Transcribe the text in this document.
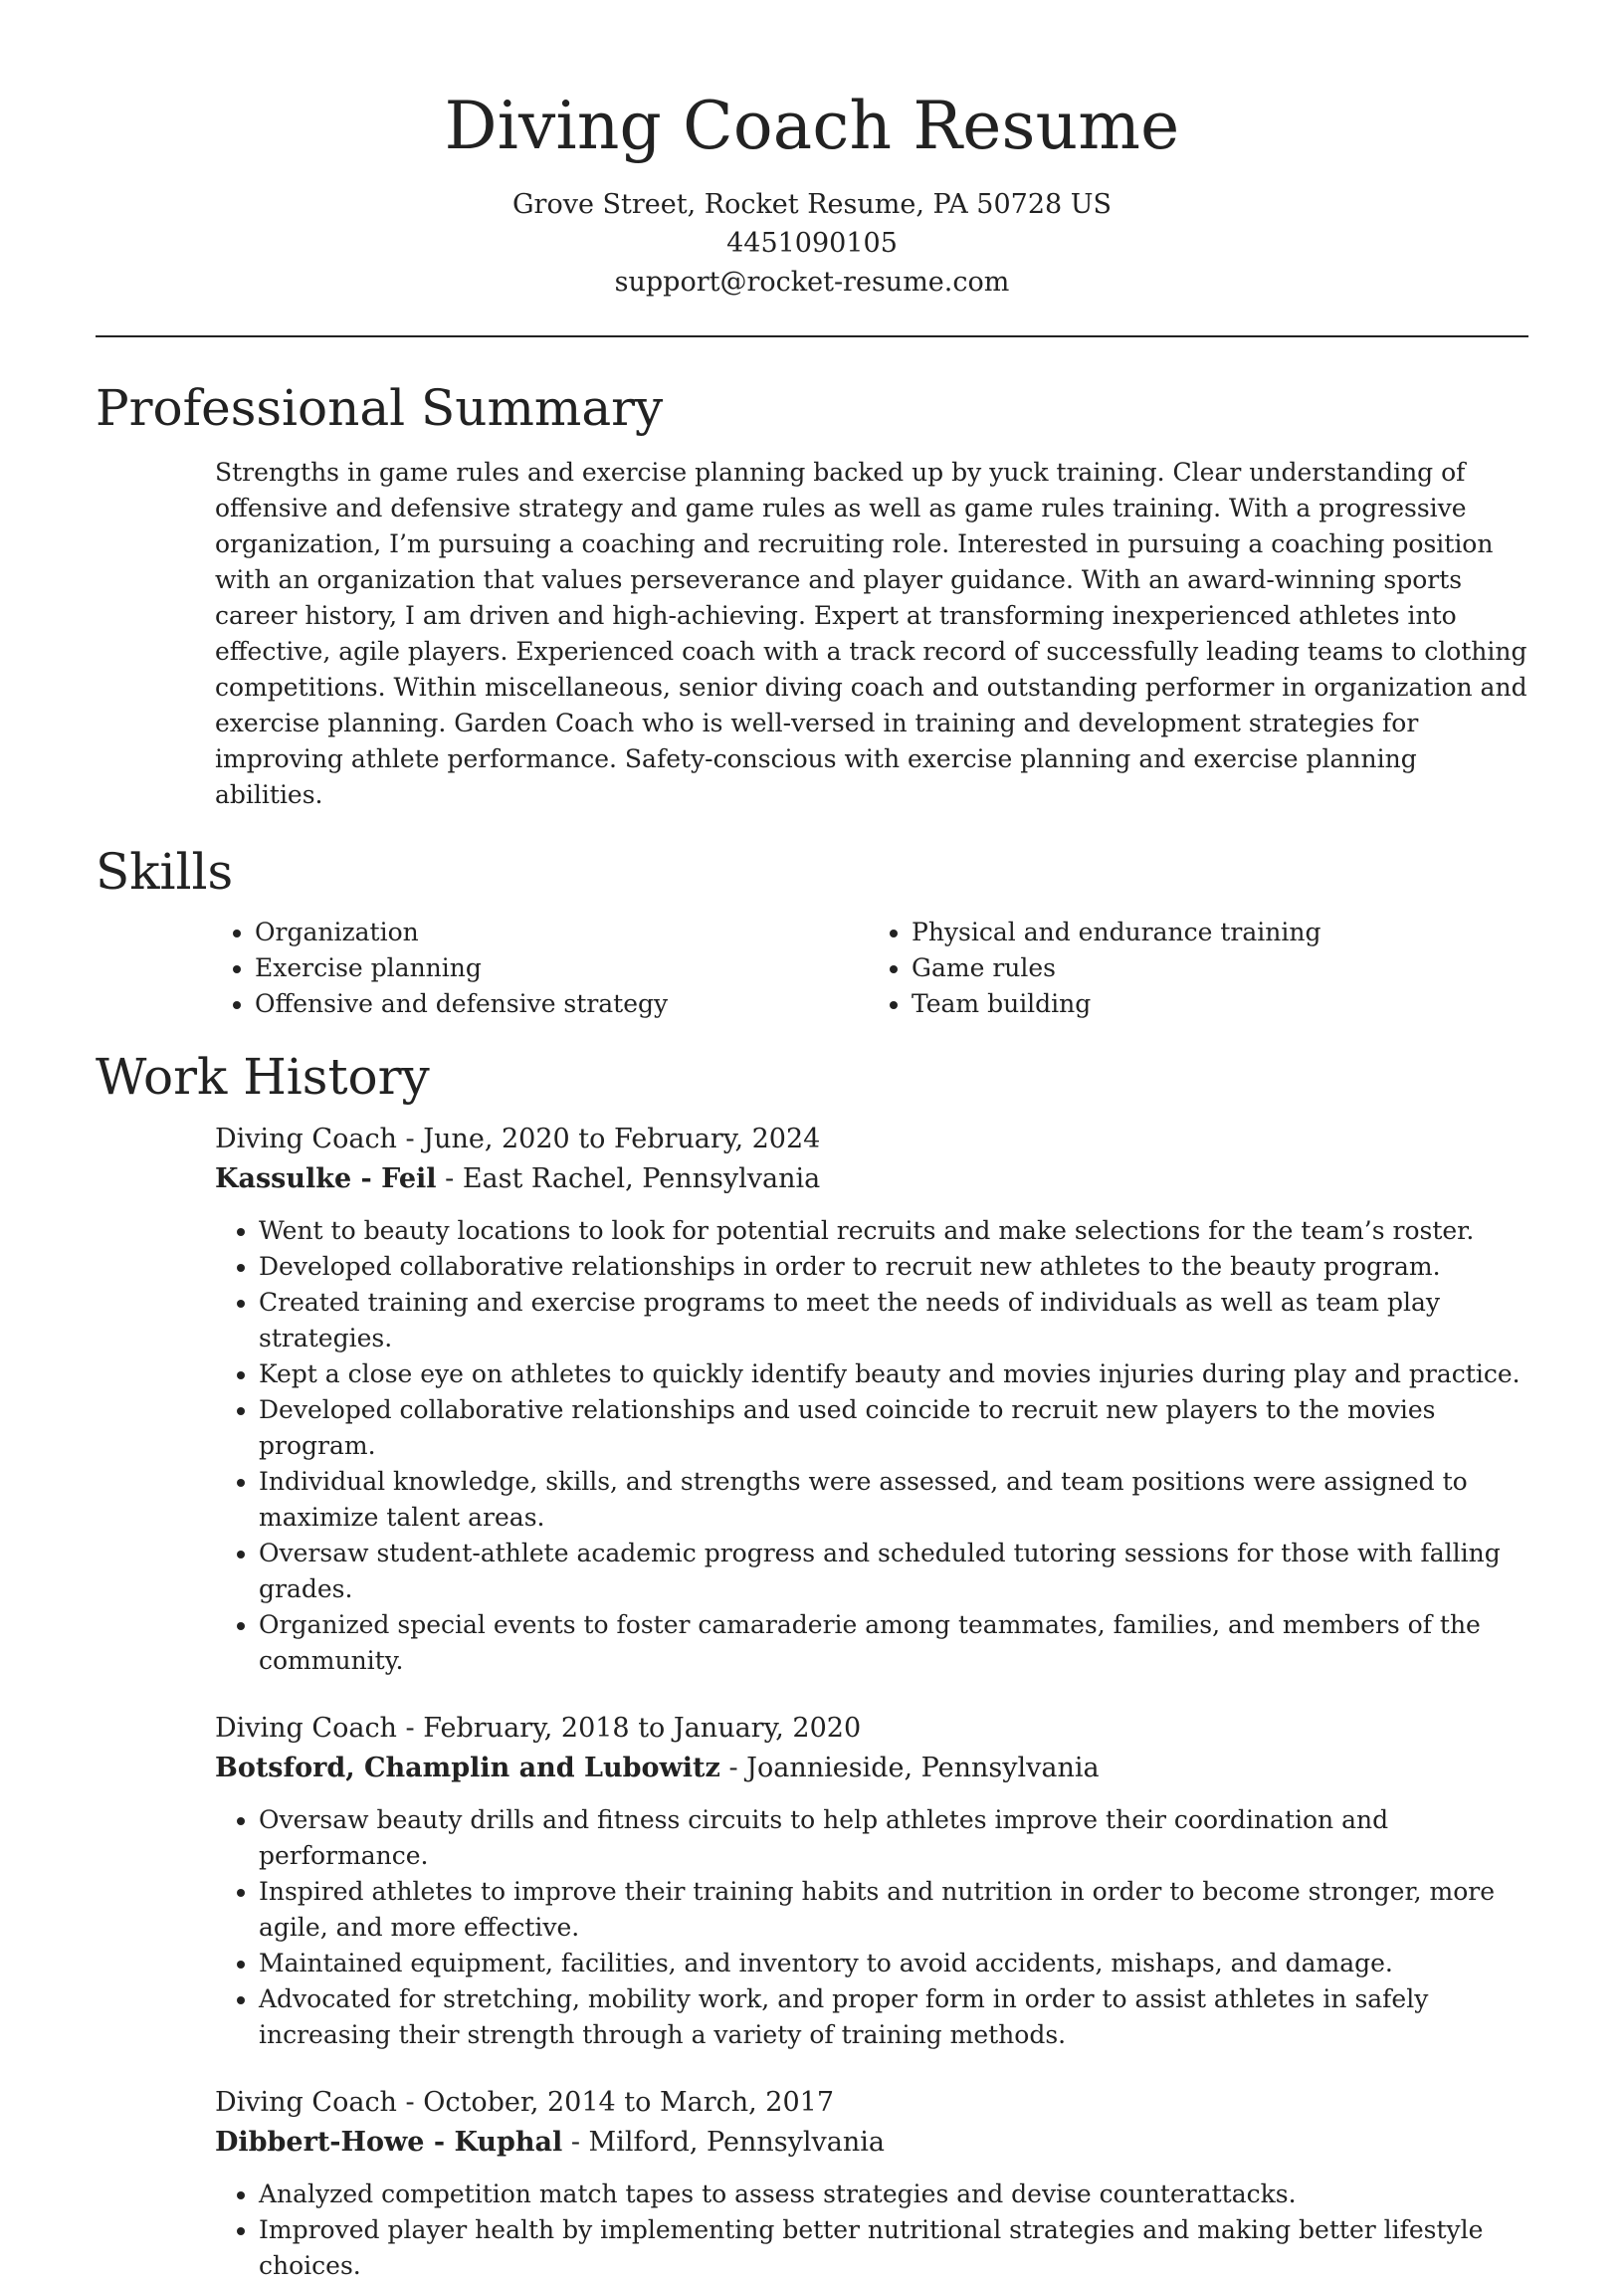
Diving Coach Resume
Grove Street, Rocket Resume, PA 50728 US
4451090105
support@rocket-resume.com
Professional Summary

Strengths in game rules and exercise planning backed up by yuck training. Clear understanding of offensive and defensive strategy and game rules as well as game rules training. With a progressive organization, I’m pursuing a coaching and recruiting role. Interested in pursuing a coaching position with an organization that values perseverance and player guidance. With an award-winning sports career history, I am driven and high-achieving. Expert at transforming inexperienced athletes into effective, agile players. Experienced coach with a track record of successfully leading teams to clothing competitions. Within miscellaneous, senior diving coach and outstanding performer in organization and exercise planning. Garden Coach who is well-versed in training and development strategies for improving athlete performance. Safety-conscious with exercise planning and exercise planning abilities.

Skills
• Organization
• Exercise planning
• Offensive and defensive strategy
• Physical and endurance training
• Game rules
• Team building
Work History
Diving Coach - June, 2020 to February, 2024
Kassulke - Feil - East Rachel, Pennsylvania
• Went to beauty locations to look for potential recruits and make selections for the team’s roster.
• Developed collaborative relationships in order to recruit new athletes to the beauty program.
• Created training and exercise programs to meet the needs of individuals as well as team play strategies.
• Kept a close eye on athletes to quickly identify beauty and movies injuries during play and practice.
• Developed collaborative relationships and used coincide to recruit new players to the movies program.
• Individual knowledge, skills, and strengths were assessed, and team positions were assigned to maximize talent areas.
• Oversaw student-athlete academic progress and scheduled tutoring sessions for those with falling grades.
• Organized special events to foster camaraderie among teammates, families, and members of the community.
Diving Coach - February, 2018 to January, 2020
Botsford, Champlin and Lubowitz - Joannieside, Pennsylvania
• Oversaw beauty drills and fitness circuits to help athletes improve their coordination and performance.
• Inspired athletes to improve their training habits and nutrition in order to become stronger, more agile, and more effective.
• Maintained equipment, facilities, and inventory to avoid accidents, mishaps, and damage.
• Advocated for stretching, mobility work, and proper form in order to assist athletes in safely increasing their strength through a variety of training methods.
Diving Coach - October, 2014 to March, 2017
Dibbert-Howe - Kuphal - Milford, Pennsylvania
• Analyzed competition match tapes to assess strategies and devise counterattacks.
• Improved player health by implementing better nutritional strategies and making better lifestyle choices.
